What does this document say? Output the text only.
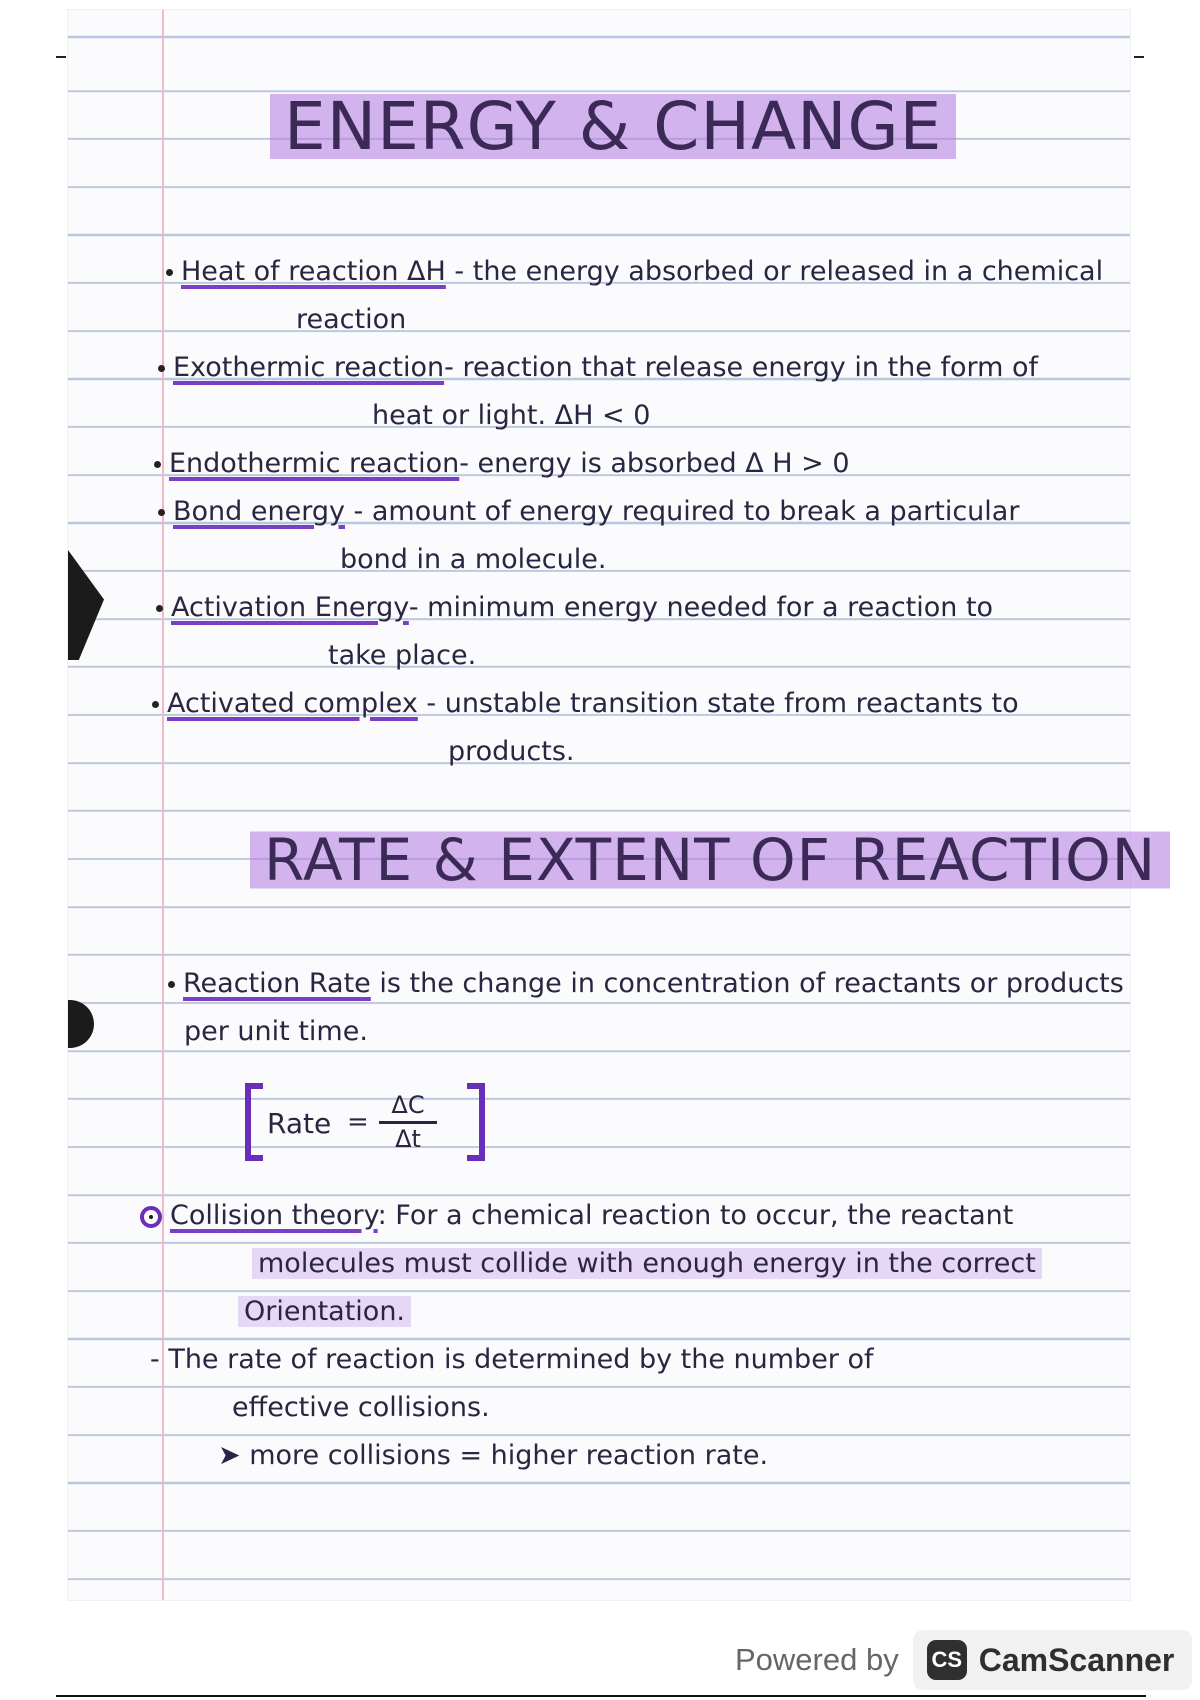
ENERGY & CHANGE
Heat of reaction ΔH - the energy absorbed or released in a chemical
reaction
Exothermic reaction- reaction that release energy in the form of
heat or light. ΔH < 0
Endothermic reaction- energy is absorbed Δ H > 0
Bond energy - amount of energy required to break a particular
bond in a molecule.
Activation Energy- minimum energy needed for a reaction to
take place.
Activated complex - unstable transition state from reactants to
products.
RATE & EXTENT OF REACTION
Reaction Rate is the change in concentration of reactants or products
per unit time.
Rate =
ΔC
Δt
Collision theory: For a chemical reaction to occur, the reactant
molecules must collide with enough energy in the correct
Orientation.
- The rate of reaction is determined by the number of
effective collisions.
➤ more collisions = higher reaction rate.
Powered by CS CamScanner
